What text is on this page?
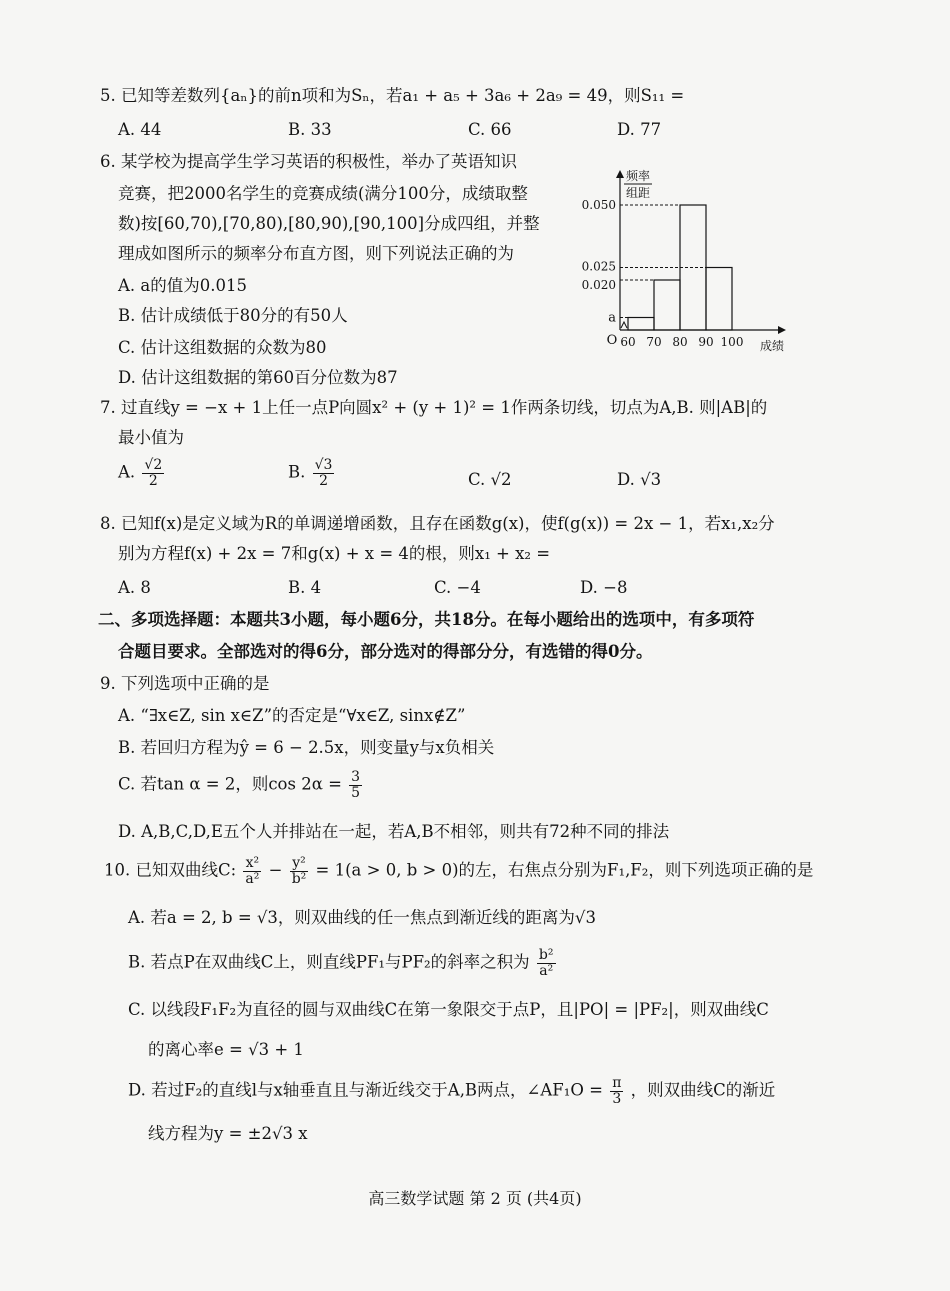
5. 已知等差数列{aₙ}的前n项和为Sₙ，若a₁ + a₅ + 3a₆ + 2a₉ = 49，则S₁₁ =
A. 44	B. 33	C. 66	D. 77
6. 某学校为提高学生学习英语的积极性，举办了英语知识
竞赛，把2000名学生的竞赛成绩(满分100分，成绩取整
数)按[60,70),[70,80),[80,90),[90,100]分成四组，并整
理成如图所示的频率分布直方图，则下列说法正确的为
A. a的值为0.015
B. 估计成绩低于80分的有50人
C. 估计这组数据的众数为80
D. 估计这组数据的第60百分位数为87
频率
组距
0.050
0.025
0.020
a
60 70 80 90 100
O	成绩
7. 过直线y = −x + 1上任一点P向圆x² + (y + 1)² = 1作两条切线，切点为A,B. 则|AB|的
最小值为
A. $\frac{√2}{2}$	B. $\frac{√3}{2}$	C. √2	D. √3
8. 已知f(x)是定义域为R的单调递增函数，且存在函数g(x)，使f(g(x)) = 2x − 1，若x₁,x₂分
别为方程f(x) + 2x = 7和g(x) + x = 4的根，则x₁ + x₂ =
A. 8	B. 4	C. −4	D. −8
二、多项选择题：本题共3小题，每小题6分，共18分。在每小题给出的选项中，有多项符
合题目要求。全部选对的得6分，部分选对的得部分分，有选错的得0分。
9. 下列选项中正确的是
A. “∃x∈Z, sin x∈Z”的否定是“∀x∈Z, sinx∉Z”
B. 若回归方程为ŷ = 6 − 2.5x，则变量y与x负相关
C. 若tan α = 2，则$\cos 2\alpha = \frac{3}{5}$
D. A,B,C,D,E五个人并排站在一起，若A,B不相邻，则共有72种不同的排法
10. 已知双曲线C: $\frac{\text{x²}}{\text{a²}} - \frac{\text{y²}}{\text{b²}} = 1(a > 0$, b > 0)的左，右焦点分别为F₁,F₂，则下列选项正确的是
A. 若a = 2, b = √3，则双曲线的任一焦点到渐近线的距离为√3
B. 若点P在双曲线C上，则直线PF₁与PF₂的斜率之积为 $\frac{\text{b²}}{\text{a²}}$
C. 以线段F₁F₂为直径的圆与双曲线C在第一象限交于点P，且|PO| = |PF₂|，则双曲线C
的离心率e = √3 + 1
D. 若过F₂的直线l与x轴垂直且与渐近线交于A,B两点，∠AF₁O = $\frac{\pi}{3}$ ，则双曲线C的渐近
线方程为y = ±2√3 x
高三数学试题 第 2 页 (共4页)
